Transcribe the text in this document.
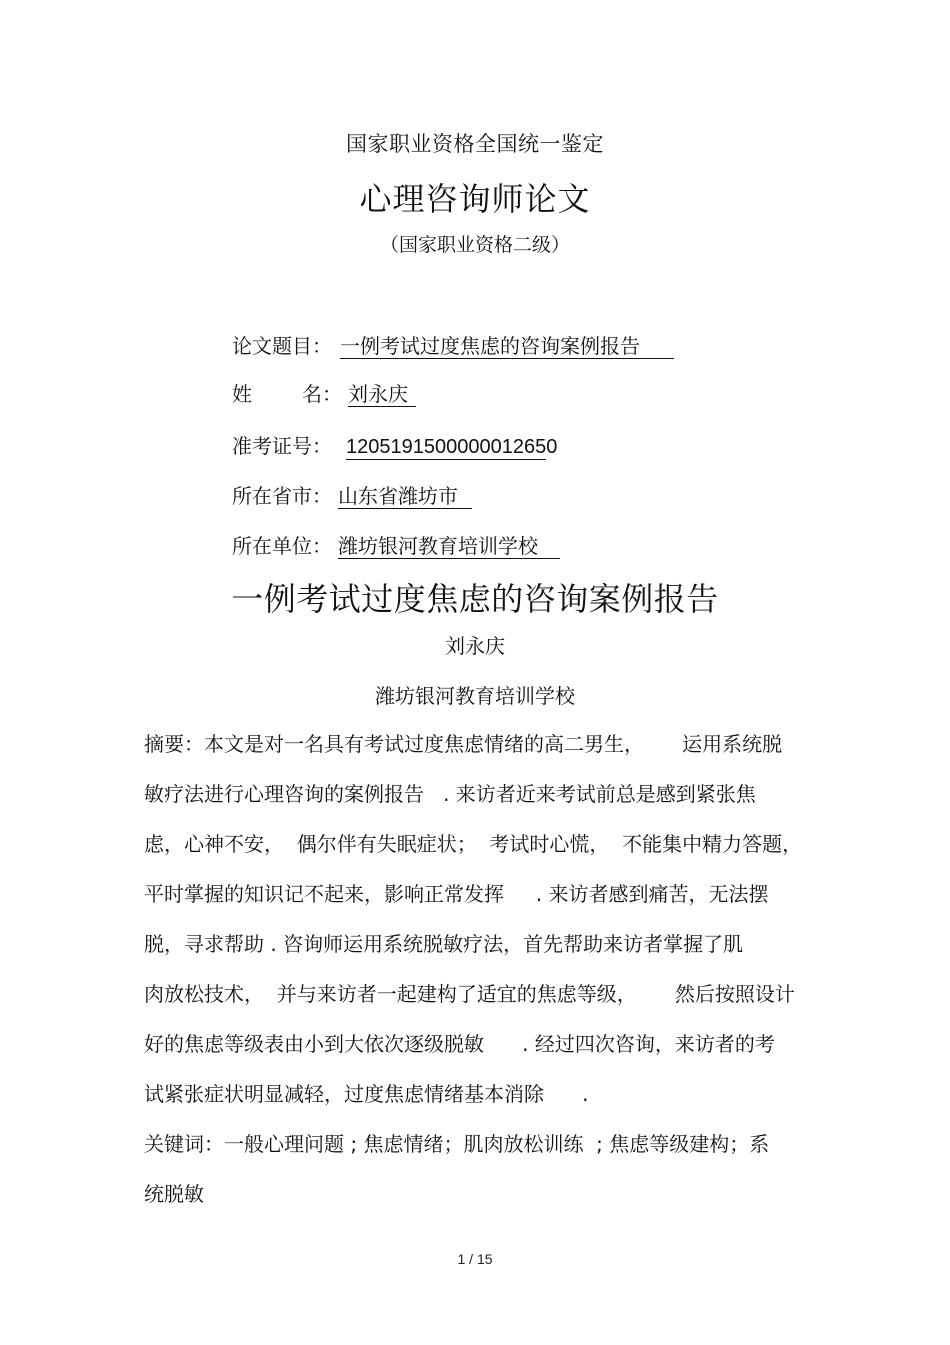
国家职业资格全国统一鉴定
心理咨询师论文
（国家职业资格二级）
论文题目： 一例考试过度焦虑的咨询案例报告
姓	名： 刘永庆
准考证号： 1205191500000012650
所在省市： 山东省潍坊市
所在单位： 潍坊银河教育培训学校
一例考试过度焦虑的咨询案例报告
刘永庆
潍坊银河教育培训学校
摘要：本文是对一名具有考试过度焦虑情绪的高二男生，      运用系统脱
敏疗法进行心理咨询的案例报告   . 来访者近来考试前总是感到紧张焦
虑，心神不安，  偶尔伴有失眠症状；  考试时心慌，  不能集中精力答题，
平时掌握的知识记不起来，影响正常发挥     . 来访者感到痛苦，无法摆
脱，寻求帮助 . 咨询师运用系统脱敏疗法，首先帮助来访者掌握了肌
肉放松技术，  并与来访者一起建构了适宜的焦虑等级，      然后按照设计
好的焦虑等级表由小到大依次逐级脱敏      . 经过四次咨询，来访者的考
试紧张症状明显减轻，过度焦虑情绪基本消除      .
关键词：一般心理问题 ; 焦虑情绪；肌肉放松训练  ; 焦虑等级建构；系
统脱敏
1 / 15
